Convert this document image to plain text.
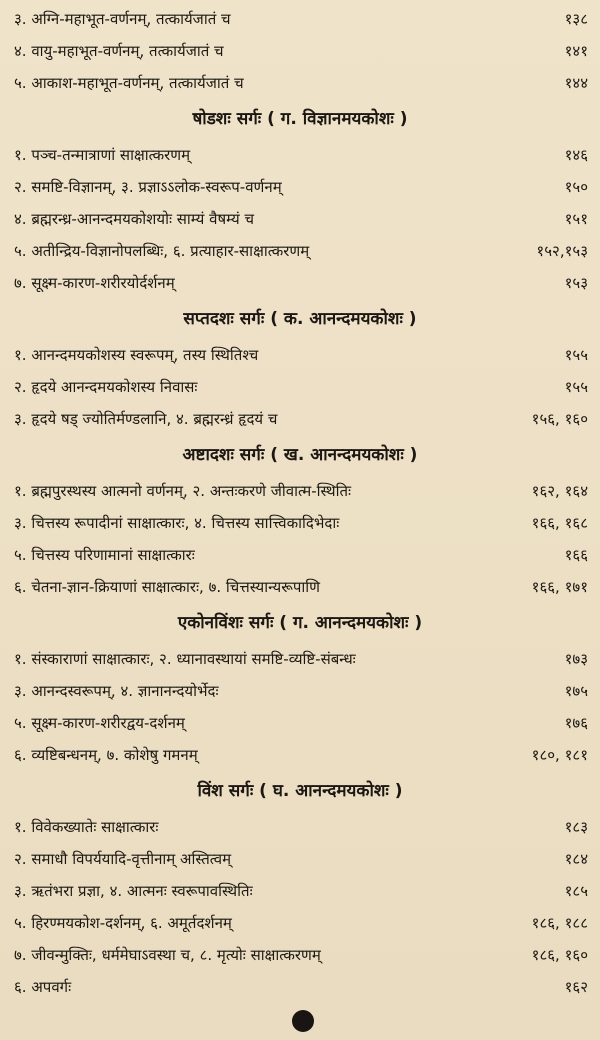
३. अग्नि-महाभूत-वर्णनम्, तत्कार्यजातं च	१३८
४. वायु-महाभूत-वर्णनम्, तत्कार्यजातं च	१४१
५. आकाश-महाभूत-वर्णनम्, तत्कार्यजातं च	१४४
षोडशः सर्गः ( ग. विज्ञानमयकोशः )
१. पञ्च-तन्मात्राणां साक्षात्करणम्	१४६
२. समष्टि-विज्ञानम्, ३. प्रज्ञाऽऽलोक-स्वरूप-वर्णनम्	१५०
४. ब्रह्मरन्ध्र-आनन्दमयकोशयोः साम्यं वैषम्यं च	१५१
५. अतीन्द्रिय-विज्ञानोपलब्धिः, ६. प्रत्याहार-साक्षात्करणम्	१५२,१५३
७. सूक्ष्म-कारण-शरीरयोर्दर्शनम्	१५३
सप्तदशः सर्गः ( क. आनन्दमयकोशः )
१. आनन्दमयकोशस्य स्वरूपम्, तस्य स्थितिश्च	१५५
२. हृदये आनन्दमयकोशस्य निवासः	१५५
३. हृदये षड् ज्योतिर्मण्डलानि, ४. ब्रह्मरन्ध्रं हृदयं च	१५६, १६०
अष्टादशः सर्गः ( ख. आनन्दमयकोशः )
१. ब्रह्मपुरस्थस्य आत्मनो वर्णनम्, २. अन्तःकरणे जीवात्म-स्थितिः	१६२, १६४
३. चित्तस्य रूपादीनां साक्षात्कारः, ४. चित्तस्य सात्त्विकादिभेदाः	१६६, १६८
५. चित्तस्य परिणामानां साक्षात्कारः	१६६
६. चेतना-ज्ञान-क्रियाणां साक्षात्कारः, ७. चित्तस्यान्यरूपाणि	१६६, १७१
एकोनविंशः सर्गः ( ग. आनन्दमयकोशः )
१. संस्काराणां साक्षात्कारः, २. ध्यानावस्थायां समष्टि-व्यष्टि-संबन्धः	१७३
३. आनन्दस्वरूपम्, ४. ज्ञानानन्दयोर्भेदः	१७५
५. सूक्ष्म-कारण-शरीरद्वय-दर्शनम्	१७६
६. व्यष्टिबन्धनम्, ७. कोशेषु गमनम्	१८०, १८१
विंश सर्गः ( घ. आनन्दमयकोशः )
१. विवेकख्यातेः साक्षात्कारः	१८३
२. समाधौ विपर्ययादि-वृत्तीनाम् अस्तित्वम्	१८४
३. ऋतंभरा प्रज्ञा, ४. आत्मनः स्वरूपावस्थितिः	१८५
५. हिरण्मयकोश-दर्शनम्, ६. अमूर्तदर्शनम्	१८६, १८८
७. जीवन्मुक्तिः, धर्ममेघाऽवस्था च, ८. मृत्योः साक्षात्करणम्	१८६, १६०
६. अपवर्गः	१६२
